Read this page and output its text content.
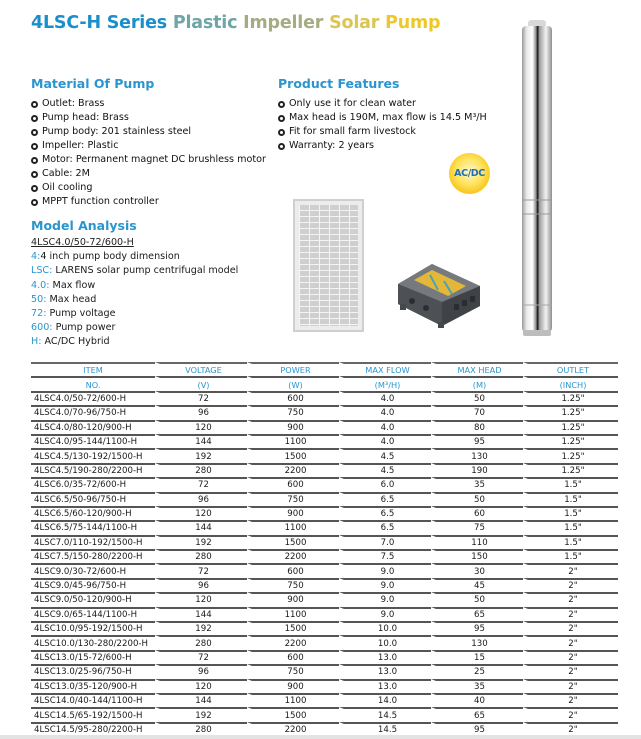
4LSC-H Series Plastic Impeller Solar Pump
Material Of Pump
Outlet: Brass
Pump head: Brass
Pump body: 201 stainless steel
Impeller: Plastic
Motor: Permanent magnet DC brushless motor
Cable: 2M
Oil cooling
MPPT function controller
Product Features
Only use it for clean water
Max head is 190M, max flow is 14.5 M³/H
Fit for small farm livestock
Warranty: 2 years
Model Analysis
4LSC4.0/50-72/600-H
4:4 inch pump body dimension
LSC: LARENS solar pump centrifugal model
4.0: Max flow
50: Max head
72: Pump voltage
600: Pump power
H: AC/DC Hybrid
AC/DC
ITEM	VOLTAGE	POWER	MAX FLOW	MAX HEAD	OUTLET
NO.	(V)	(W)	(M³/H)	(M)	(INCH)
4LSC4.0/50-72/600-H	72	600	4.0	50	1.25"
4LSC4.0/70-96/750-H	96	750	4.0	70	1.25"
4LSC4.0/80-120/900-H	120	900	4.0	80	1.25"
4LSC4.0/95-144/1100-H	144	1100	4.0	95	1.25"
4LSC4.5/130-192/1500-H	192	1500	4.5	130	1.25"
4LSC4.5/190-280/2200-H	280	2200	4.5	190	1.25"
4LSC6.0/35-72/600-H	72	600	6.0	35	1.5"
4LSC6.5/50-96/750-H	96	750	6.5	50	1.5"
4LSC6.5/60-120/900-H	120	900	6.5	60	1.5"
4LSC6.5/75-144/1100-H	144	1100	6.5	75	1.5"
4LSC7.0/110-192/1500-H	192	1500	7.0	110	1.5"
4LSC7.5/150-280/2200-H	280	2200	7.5	150	1.5"
4LSC9.0/30-72/600-H	72	600	9.0	30	2"
4LSC9.0/45-96/750-H	96	750	9.0	45	2"
4LSC9.0/50-120/900-H	120	900	9.0	50	2"
4LSC9.0/65-144/1100-H	144	1100	9.0	65	2"
4LSC10.0/95-192/1500-H	192	1500	10.0	95	2"
4LSC10.0/130-280/2200-H	280	2200	10.0	130	2"
4LSC13.0/15-72/600-H	72	600	13.0	15	2"
4LSC13.0/25-96/750-H	96	750	13.0	25	2"
4LSC13.0/35-120/900-H	120	900	13.0	35	2"
4LSC14.0/40-144/1100-H	144	1100	14.0	40	2"
4LSC14.5/65-192/1500-H	192	1500	14.5	65	2"
4LSC14.5/95-280/2200-H	280	2200	14.5	95	2"
